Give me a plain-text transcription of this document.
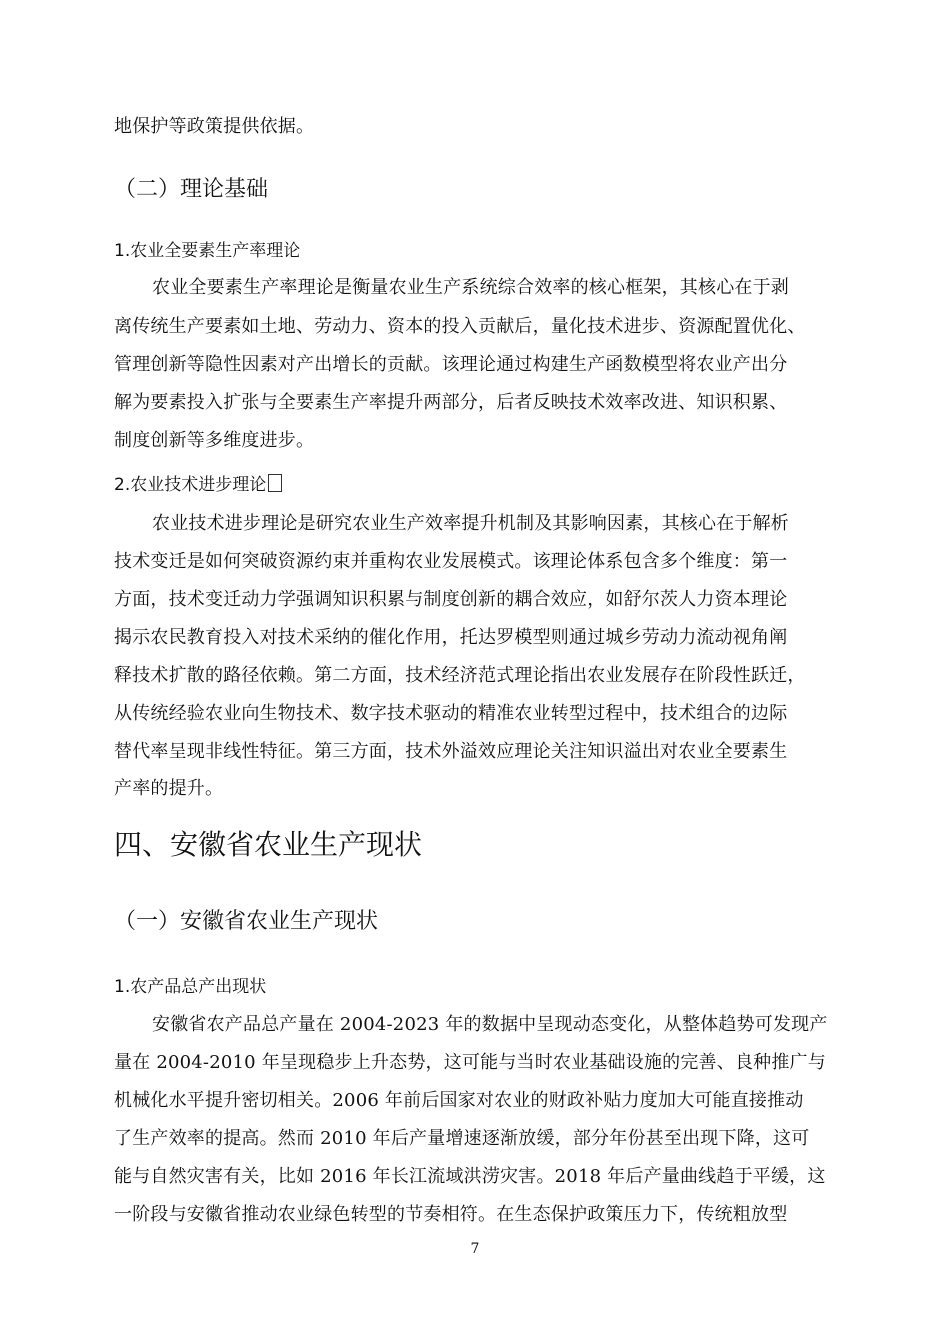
地保护等政策提供依据。
（二）理论基础
1.农业全要素生产率理论
农业全要素生产率理论是衡量农业生产系统综合效率的核心框架，其核心在于剥
离传统生产要素如土地、劳动力、资本的投入贡献后，量化技术进步、资源配置优化、
管理创新等隐性因素对产出增长的贡献。该理论通过构建生产函数模型将农业产出分
解为要素投入扩张与全要素生产率提升两部分，后者反映技术效率改进、知识积累、
制度创新等多维度进步。
2.农业技术进步理论
农业技术进步理论是研究农业生产效率提升机制及其影响因素，其核心在于解析
技术变迁是如何突破资源约束并重构农业发展模式。该理论体系包含多个维度：第一
方面，技术变迁动力学强调知识积累与制度创新的耦合效应，如舒尔茨人力资本理论
揭示农民教育投入对技术采纳的催化作用，托达罗模型则通过城乡劳动力流动视角阐
释技术扩散的路径依赖。第二方面，技术经济范式理论指出农业发展存在阶段性跃迁，
从传统经验农业向生物技术、数字技术驱动的精准农业转型过程中，技术组合的边际
替代率呈现非线性特征。第三方面，技术外溢效应理论关注知识溢出对农业全要素生
产率的提升。
四、安徽省农业生产现状
（一）安徽省农业生产现状
1.农产品总产出现状
安徽省农产品总产量在 2004-2023 年的数据中呈现动态变化，从整体趋势可发现产
量在 2004-2010 年呈现稳步上升态势，这可能与当时农业基础设施的完善、良种推广与
机械化水平提升密切相关。2006 年前后国家对农业的财政补贴力度加大可能直接推动
了生产效率的提高。然而 2010 年后产量增速逐渐放缓，部分年份甚至出现下降，这可
能与自然灾害有关，比如 2016 年长江流域洪涝灾害。2018 年后产量曲线趋于平缓，这
一阶段与安徽省推动农业绿色转型的节奏相符。在生态保护政策压力下，传统粗放型
7
